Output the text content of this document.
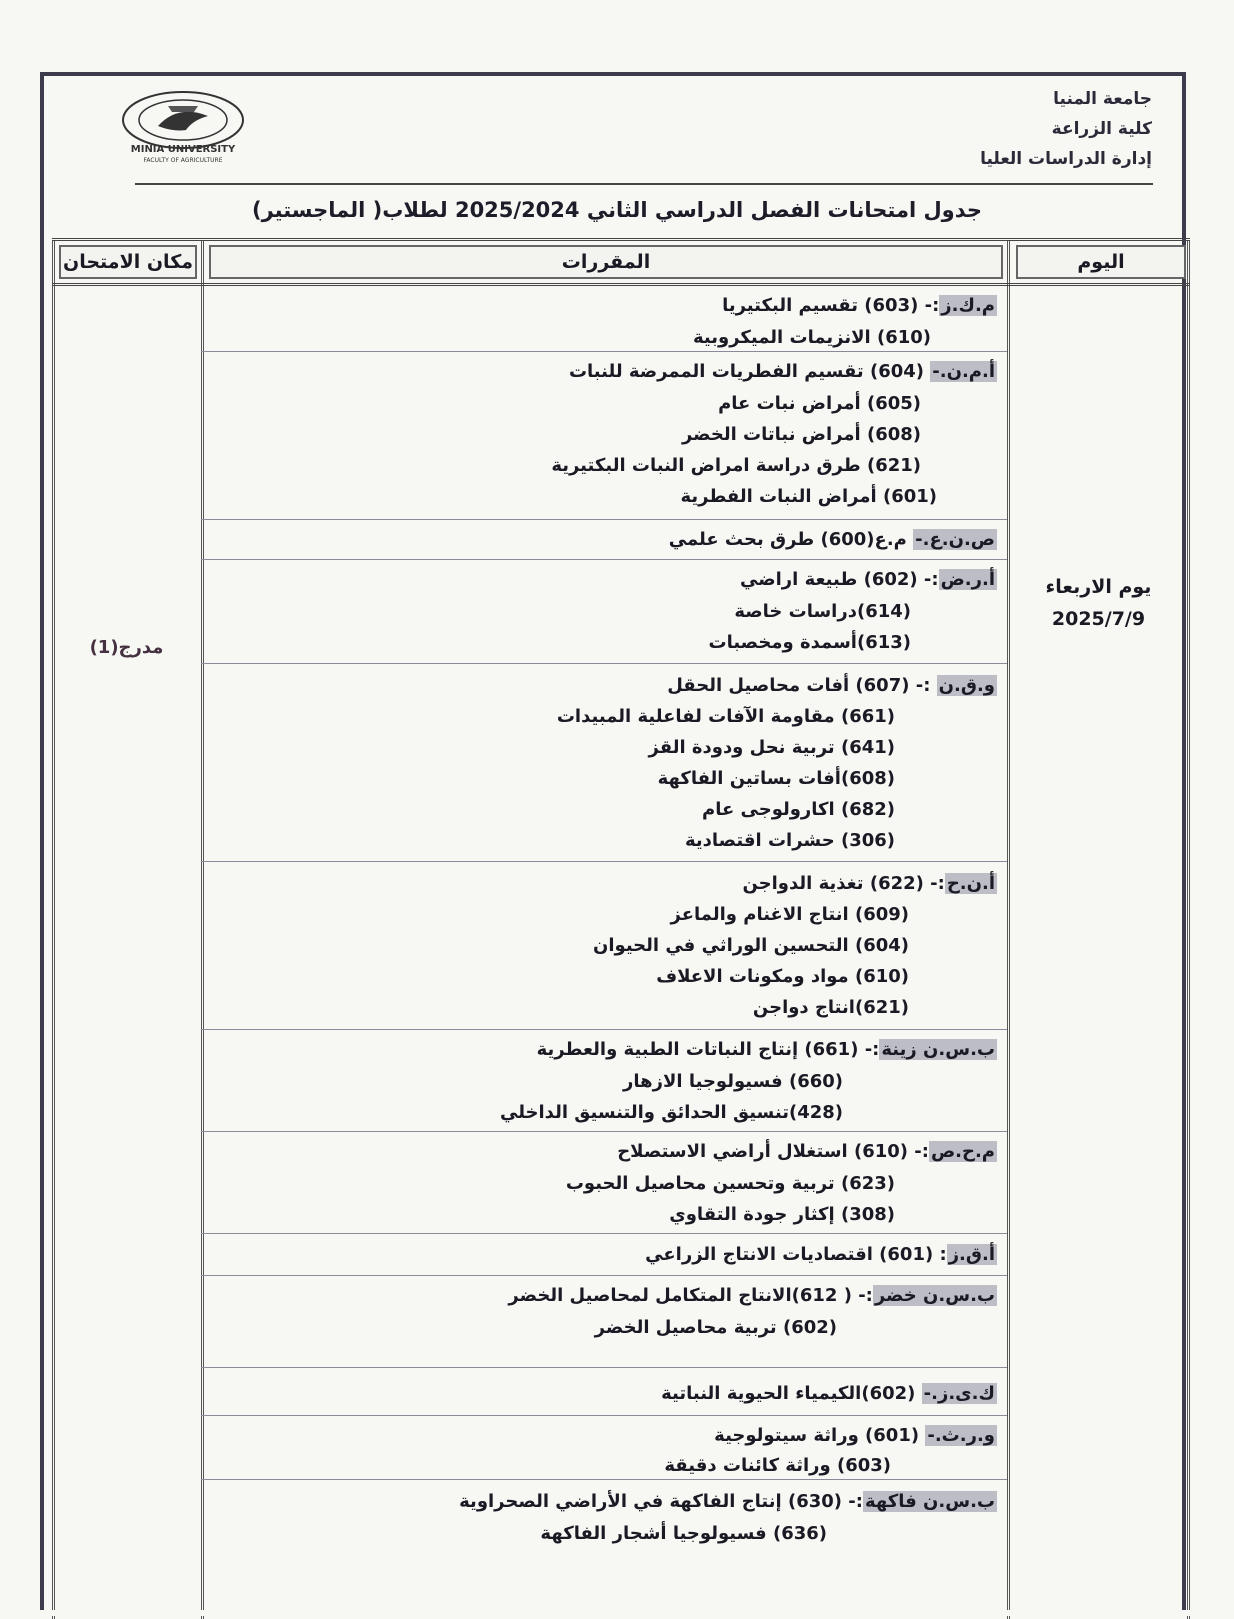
جامعة المنيا
كلية الزراعة
إدارة الدراسات العليا
MINIA UNIVERSITY
FACULTY OF AGRICULTURE
جدول امتحانات الفصل الدراسي الثاني 2025/2024 لطلاب( الماجستير)
اليوم
المقررات
مكان الامتحان
يوم الاربعاء
2025/7/9
مدرج(1)
م.ك.ز:- (603) تقسيم البكتيريا
(610) الانزيمات الميكروبية
أ.م.ن.- (604) تقسيم الفطريات الممرضة للنبات
(605) أمراض نبات عام
(608) أمراض نباتات الخضر
(621) طرق دراسة امراض النبات البكتيرية
(601) أمراض النبات الفطرية
ص.ن.ع.- م.ع(600) طرق بحث علمي
أ.ر.ض:- (602) طبيعة اراضي
(614)دراسات خاصة
(613)أسمدة ومخصبات
و.ق.ن :- (607) أفات محاصيل الحقل
(661) مقاومة الآفات لفاعلية المبيدات
(641) تربية نحل ودودة القز
(608)أفات بساتين الفاكهة
(682) اكارولوجى عام
(306) حشرات اقتصادية
أ.ن.ح:- (622) تغذية الدواجن
(609) انتاج الاغنام والماعز
(604) التحسين الوراثي في الحيوان
(610) مواد ومكونات الاعلاف
(621)انتاج دواجن
ب.س.ن زينة:- (661) إنتاج النباتات الطبية والعطرية
(660) فسيولوجيا الازهار
(428)تنسيق الحدائق والتنسيق الداخلي
م.ح.ص:- (610) استغلال أراضي الاستصلاح
(623) تربية وتحسين محاصيل الحبوب
(308) إكثار جودة التقاوي
أ.ق.ز: (601) اقتصاديات الانتاج الزراعي
ب.س.ن خضر:- ( 612)الانتاج المتكامل لمحاصيل الخضر
(602) تربية محاصيل الخضر
ك.ى.ز.- (602)الكيمياء الحيوية النباتية
و.ر.ث.- (601) وراثة سيتولوجية
(603) وراثة كائنات دقيقة
ب.س.ن فاكهة:- (630) إنتاج الفاكهة في الأراضي الصحراوية
(636) فسيولوجيا أشجار الفاكهة
